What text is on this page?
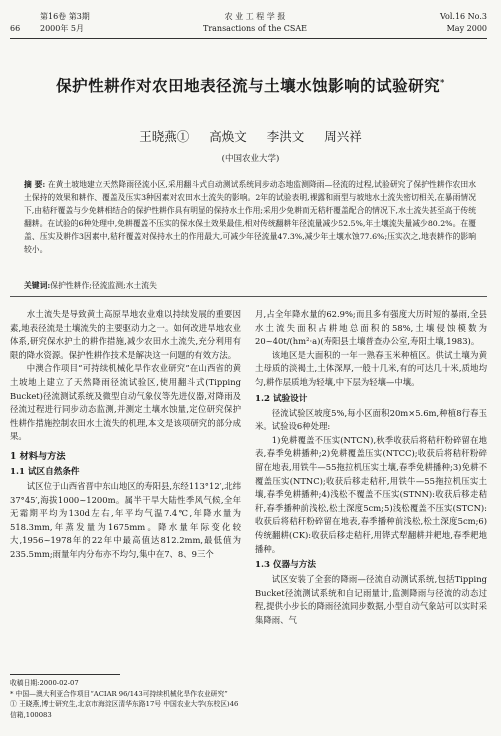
66
第16卷 第3期
2000年 5月
农 业 工 程 学 报
Transactions of the CSAE
Vol.16 No.3
May 2000
保护性耕作对农田地表径流与土壤水蚀影响的试验研究*
王晓燕① 高焕文 李洪文 周兴祥
(中国农业大学)
摘 要: 在黄土坡地建立天然降雨径流小区,采用翻斗式自动测试系统同步动态地监测降雨—径流的过程,试验研究了保护性耕作农田水土保持的效果和耕作、覆盖及压实3种因素对农田水土流失的影响。2年的试验表明,裸露和雨型与坡地水土流失密切相关,在暴雨情况下,由秸秆覆盖与少免耕相结合的保护性耕作具有明显的保持水土作用;采用少免耕而无秸秆覆盖配合的情况下,水土流失甚至高于传统翻耕。在试验的6种处理中,免耕覆盖不压实的保水保土效果最佳,相对传统翻耕年径流量减少52.5%,年土壤流失量减少80.2%。在覆盖、压实及耕作3因素中,秸秆覆盖对保持水土的作用最大,可减少年径流量47.3%,减少年土壤水蚀77.6%;压实次之,地表耕作的影响较小。
关键词:保护性耕作;径流监测;水土流失

水土流失是导致黄土高原旱地农业难以持续发展的重要因素,地表径流是土壤流失的主要驱动力之一。如何改进旱地农业体系,研究保水护土的耕作措施,减少农田水土流失,充分利用有限的降水资源。保护性耕作技术是解决这一问题的有效方法。

中澳合作项目“可持续机械化旱作农业研究”在山西省的黄土坡地上建立了天然降雨径流试验区,使用翻斗式(Tipping Bucket)径流测试系统及微型自动气象仪等先进仪器,对降雨及径流过程进行同步动态监测,并测定土壤水蚀量,定位研究保护性耕作措施控制农田水土流失的机理,本文是该项研究的部分成果。

1 材料与方法
1.1 试区自然条件

试区位于山西省晋中东山地区的寿阳县,东经113°12′,北纬37°45′,海拔1000~1200m。属半干旱大陆性季风气候,全年无霜期平均为130d左右,年平均气温7.4℃,年降水量为518.3mm,年蒸发量为1675mm。降水量年际变化较大,1956~1978年的22年中最高值达812.2mm,最低值为235.5mm;雨量年内分布亦不均匀,集中在7、8、9三个

月,占全年降水量的62.9%;而且多有强度大历时短的暴雨,全县水土流失面积占耕地总面积的58%,土壤侵蚀模数为20~40t/(hm²·a)(寿阳县土壤普查办公室,寿阳土壤,1983)。

该地区是大面积的一年一熟春玉米种植区。供试土壤为黄土母质的淡褐土,土体深厚,一般十几米,有的可达几十米,质地均匀,耕作层质地为轻壤,中下层为轻壤—中壤。

1.2 试验设计

径流试验区坡度5%,每小区面积20m×5.6m,种植8行春玉米。试验设6种处理:

1)免耕覆盖不压实(NTCN),秋季收获后将秸秆粉碎留在地表,春季免耕播种;2)免耕覆盖压实(NTCC);收获后将秸秆粉碎留在地表,用铁牛—55拖拉机压实土壤,春季免耕播种;3)免耕不覆盖压实(NTNC);收获后移走秸秆,用铁牛—55拖拉机压实土壤,春季免耕播种;4)浅松不覆盖不压实(STNN):收获后移走秸秆,春季播种前浅松,松土深度5cm;5)浅松覆盖不压实(STCN):收获后将秸秆粉碎留在地表,春季播种前浅松,松土深度5cm;6)传统翻耕(CK):收获后移走秸秆,用铧式犁翻耕并耙地,春季耙地播种。

1.3 仪器与方法

试区安装了全套的降雨—径流自动测试系统,包括Tipping Bucket径流测试系统和自记雨量计,监测降雨与径流的动态过程,提供小步长的降雨径流同步数据,小型自动气象站可以实时采集降雨、气

收稿日期:2000-02-07
* 中国—澳大利亚合作项目“ACIAR 96/143可持续机械化旱作农业研究”
① 王晓燕,博士研究生,北京市海淀区清华东路17号 中国农业大学(东校区)46信箱,100083
